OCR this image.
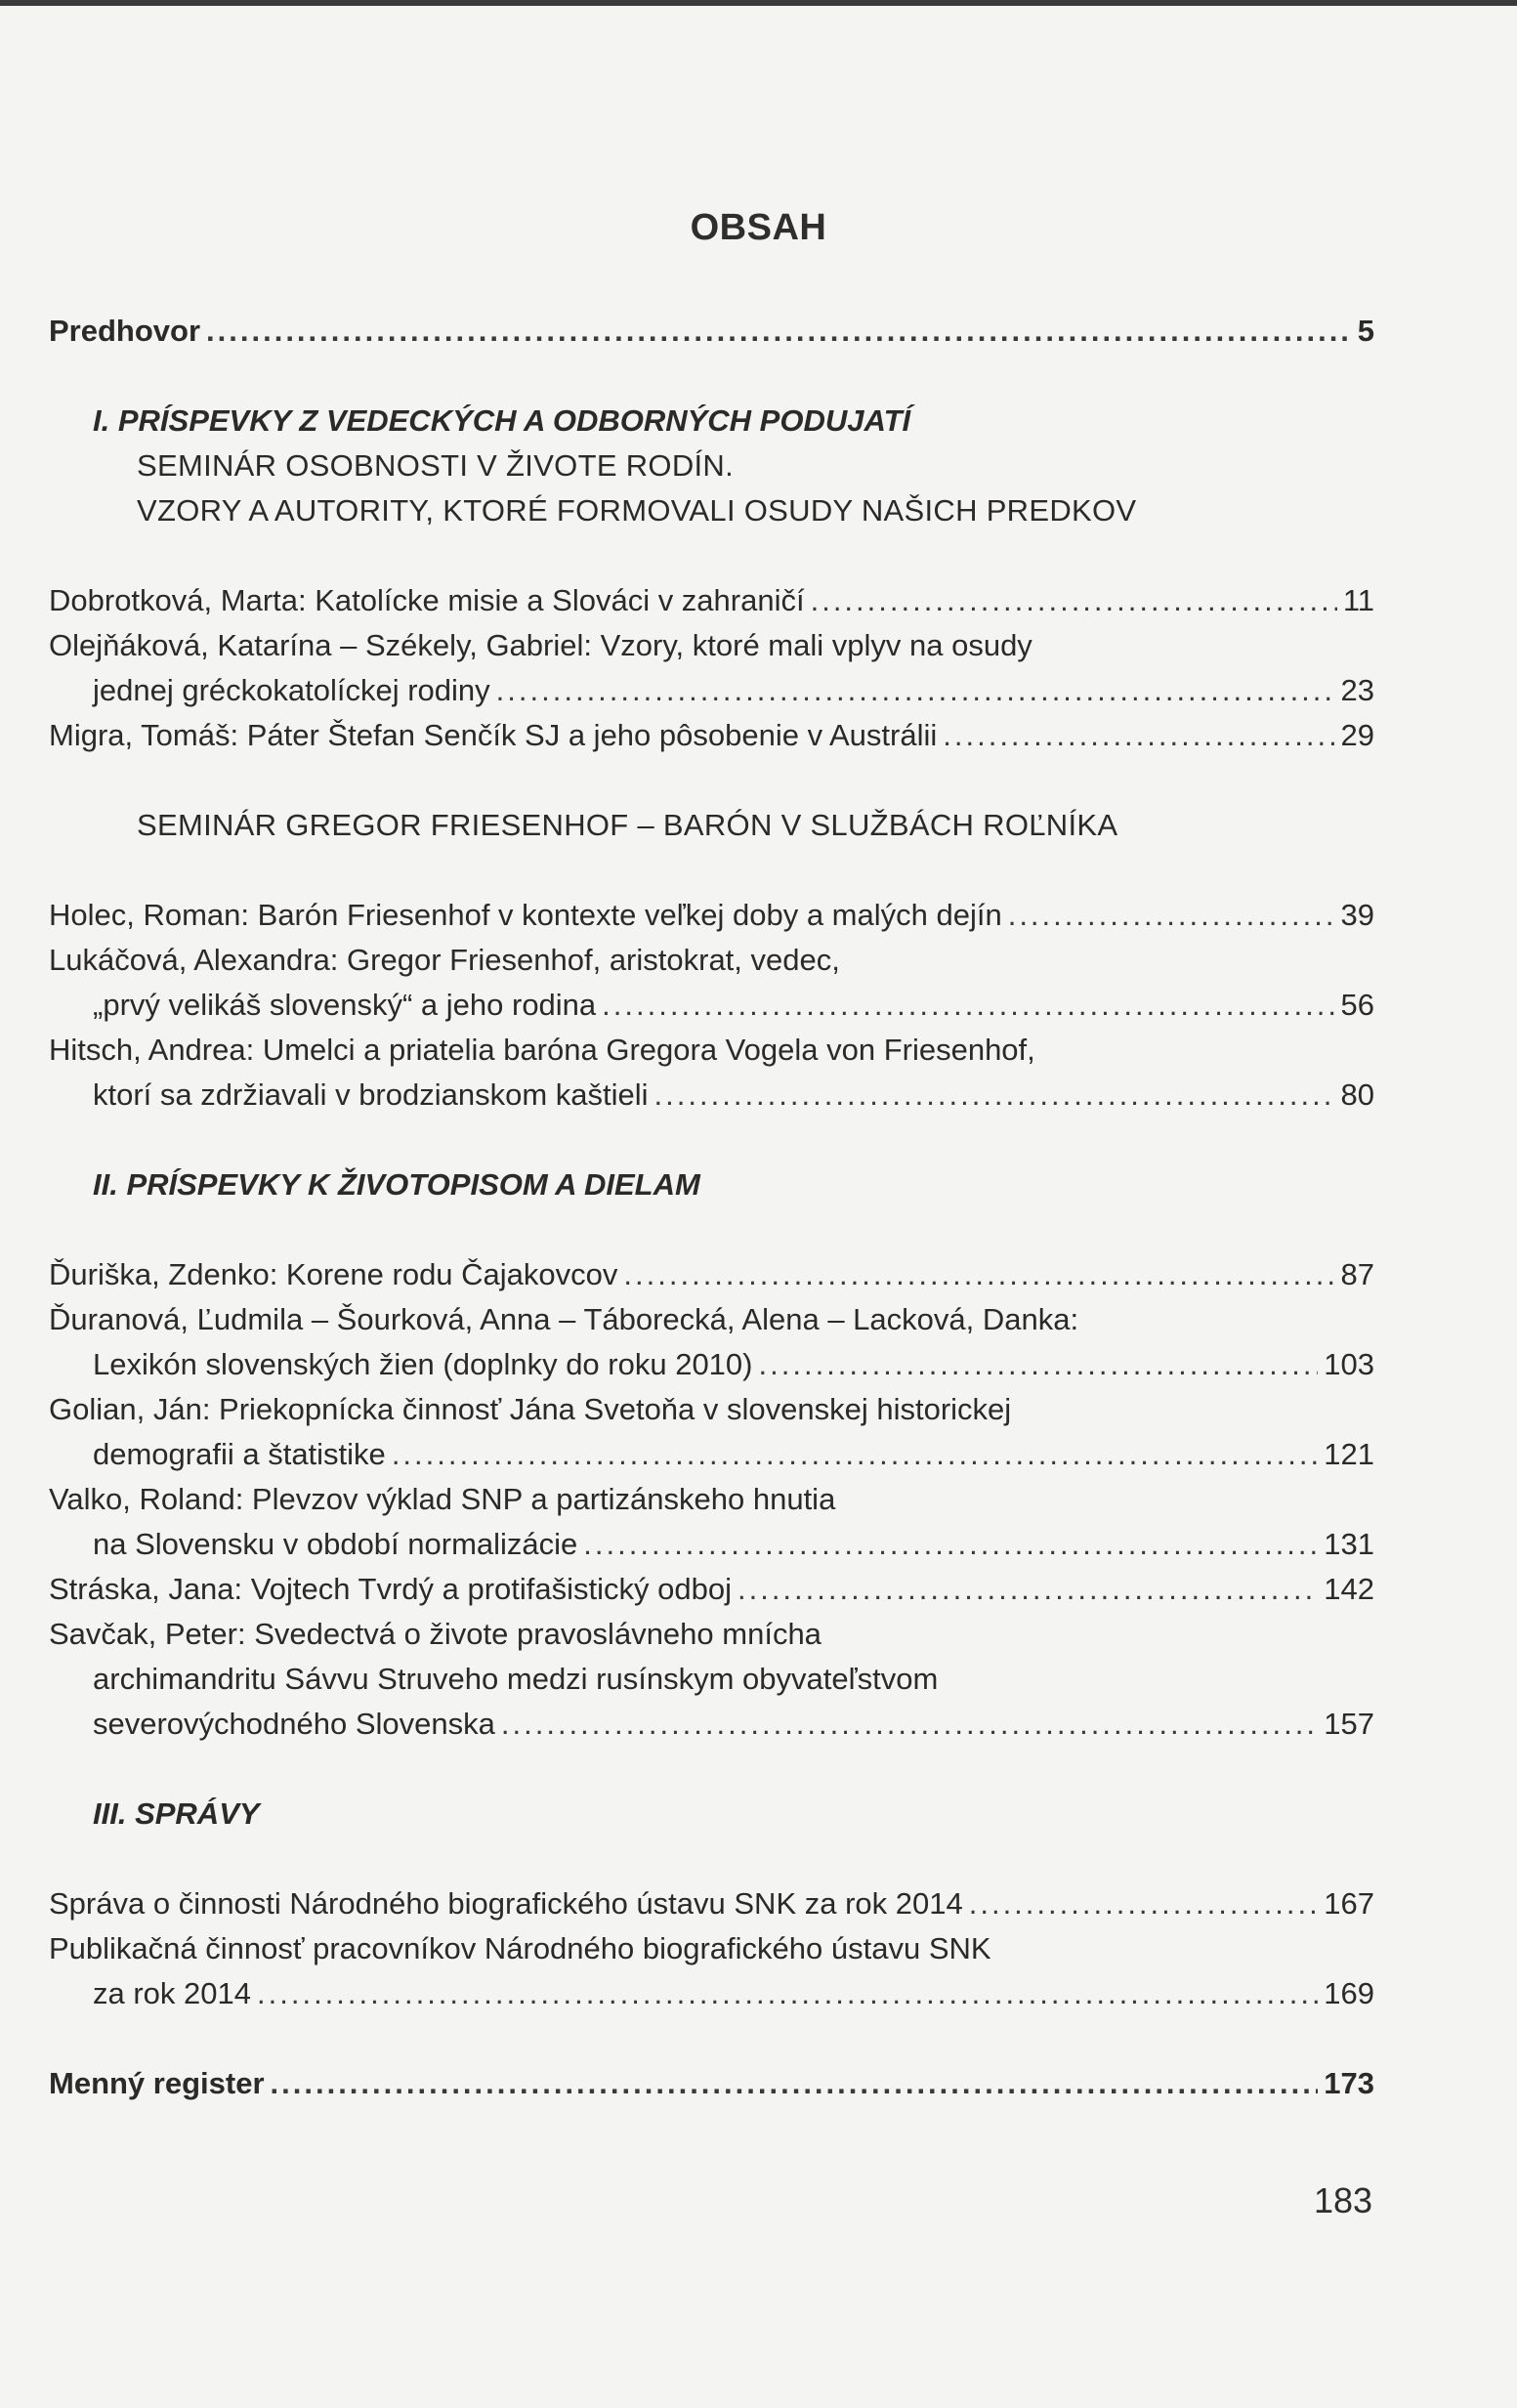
OBSAH
Predhovor .....	5
I. PRÍSPEVKY Z VEDECKÝCH A ODBORNÝCH PODUJATÍ
SEMINÁR OSOBNOSTI V ŽIVOTE RODÍN.
VZORY A AUTORITY, KTORÉ FORMOVALI OSUDY NAŠICH PREDKOV
Dobrotková, Marta: Katolícke misie a Slováci v zahraničí .....	11
Olejňáková, Katarína – Székely, Gabriel: Vzory, ktoré mali vplyv na osudy
jednej gréckokatolíckej rodiny .....	23
Migra, Tomáš: Páter Štefan Senčík SJ a jeho pôsobenie v Austrálii .....	29
SEMINÁR GREGOR FRIESENHOF – BARÓN V SLUŽBÁCH ROĽNÍKA
Holec, Roman: Barón Friesenhof v kontexte veľkej doby a malých dejín .....	39
Lukáčová, Alexandra: Gregor Friesenhof, aristokrat, vedec,
„prvý velikáš slovenský“ a jeho rodina .....	56
Hitsch, Andrea: Umelci a priatelia baróna Gregora Vogela von Friesenhof,
ktorí sa zdržiavali v brodzianskom kaštieli .....	80
II. PRÍSPEVKY K ŽIVOTOPISOM A DIELAM
Ďuriška, Zdenko: Korene rodu Čajakovcov .....	87
Ďuranová, Ľudmila – Šourková, Anna – Táborecká, Alena – Lacková, Danka:
Lexikón slovenských žien (doplnky do roku 2010) .....	103
Golian, Ján: Priekopnícka činnosť Jána Svetoňa v slovenskej historickej
demografii a štatistike .....	121
Valko, Roland: Plevzov výklad SNP a partizánskeho hnutia
na Slovensku v období normalizácie .....	131
Stráska, Jana: Vojtech Tvrdý a protifašistický odboj .....	142
Savčak, Peter: Svedectvá o živote pravoslávneho mnícha
archimandritu Sávvu Struveho medzi rusínskym obyvateľstvom
severovýchodného Slovenska .....	157
III. SPRÁVY
Správa o činnosti Národného biografického ústavu SNK za rok 2014 .....	167
Publikačná činnosť pracovníkov Národného biografického ústavu SNK
za rok 2014 .....	169
Menný register .....	173
183
